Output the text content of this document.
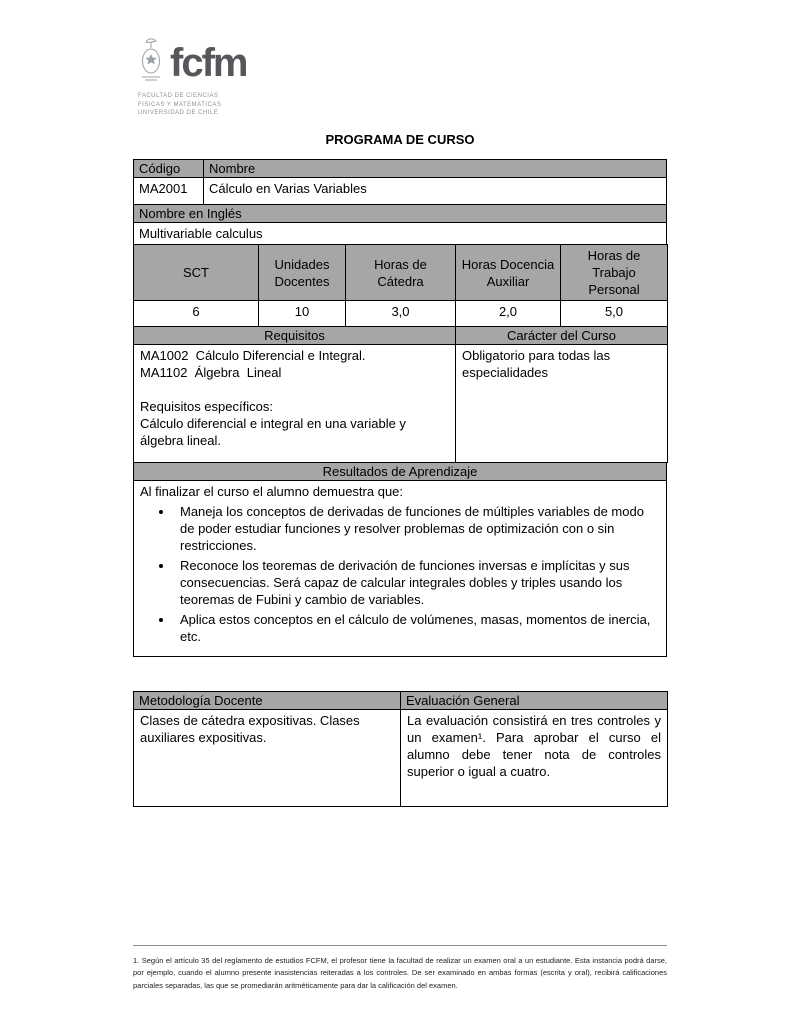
fcfm
FACULTAD DE CIENCIAS
FISICAS Y MATEMATICAS
UNIVERSIDAD DE CHILE
PROGRAMA DE CURSO
Código	Nombre
MA2001	Cálculo en Varias Variables
Nombre en Inglés
Multivariable calculus
SCT	Unidades Docentes	Horas de Cátedra	Horas Docencia Auxiliar	Horas de Trabajo Personal
6	10	3,0	2,0	5,0
Requisitos	Carácter del Curso

MA1002  Cálculo Diferencial e Integral.
MA1102  Álgebra  Lineal
Requisitos específicos:
Cálculo diferencial e integral en una variable y álgebra lineal.	Obligatorio para todas las especialidades
Resultados de Aprendizaje

Al finalizar el curso el alumno demuestra que:
• Maneja los conceptos de derivadas de funciones de múltiples variables de modo de poder estudiar funciones y resolver problemas de optimización con o sin restricciones.
• Reconoce los teoremas de derivación de funciones inversas e implícitas y sus consecuencias. Será capaz de calcular integrales dobles y triples usando los teoremas de Fubini y cambio de variables.
• Aplica estos conceptos en el cálculo de volúmenes, masas, momentos de inercia, etc.
Metodología Docente	Evaluación General
Clases de cátedra expositivas. Clases auxiliares expositivas.	La evaluación consistirá en tres controles y un examen¹. Para aprobar el curso el alumno debe tener nota de controles superior o igual a cuatro.

1. Según el artículo 35 del reglamento de estudios FCFM, el profesor tiene la facultad de realizar un examen oral a un estudiante. Esta instancia podrá darse, por ejemplo, cuando el alumno presente inasistencias reiteradas a los controles. De ser examinado en ambas formas (escrita y oral), recibirá calificaciones parciales separadas, las que se promediarán aritméticamente para dar la calificación del examen.
